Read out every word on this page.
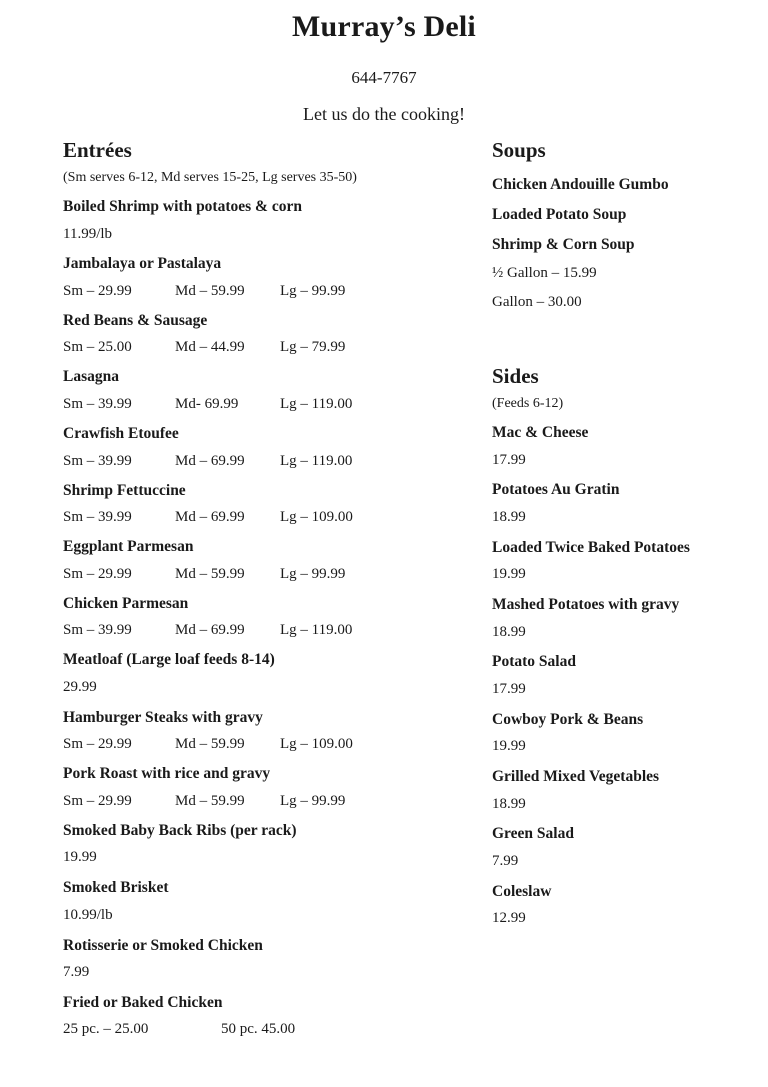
Murray’s Deli

644-7767

Let us do the cooking!

Entrées

(Sm serves 6-12, Md serves 15-25, Lg serves 35-50)

Boiled Shrimp with potatoes & corn

11.99/lb

Jambalaya or Pastalaya

Sm – 29.99	Md – 59.99 Lg – 99.99

Red Beans & Sausage

Sm – 25.00	Md – 44.99 Lg – 79.99

Lasagna

Sm – 39.99	Md- 69.99	Lg – 119.00

Crawfish Etoufee

Sm – 39.99	Md – 69.99 Lg – 119.00

Shrimp Fettuccine

Sm – 39.99	Md – 69.99 Lg – 109.00

Eggplant Parmesan

Sm – 29.99	Md – 59.99 Lg – 99.99

Chicken Parmesan

Sm – 39.99	Md – 69.99 Lg – 119.00

Meatloaf (Large loaf feeds 8-14)

29.99

Hamburger Steaks with gravy

Sm – 29.99	Md – 59.99 Lg – 109.00

Pork Roast with rice and gravy

Sm – 29.99	Md – 59.99 Lg – 99.99

Smoked Baby Back Ribs (per rack)

19.99

Smoked Brisket

10.99/lb

Rotisserie or Smoked Chicken

7.99

Fried or Baked Chicken

25 pc. – 25.00	50 pc. 45.00
Soups

Chicken Andouille Gumbo

Loaded Potato Soup

Shrimp & Corn Soup

½ Gallon – 15.99

Gallon – 30.00

Sides

(Feeds 6-12)

Mac & Cheese

17.99

Potatoes Au Gratin

18.99

Loaded Twice Baked Potatoes

19.99

Mashed Potatoes with gravy

18.99

Potato Salad

17.99

Cowboy Pork & Beans

19.99

Grilled Mixed Vegetables

18.99

Green Salad

7.99

Coleslaw

12.99
